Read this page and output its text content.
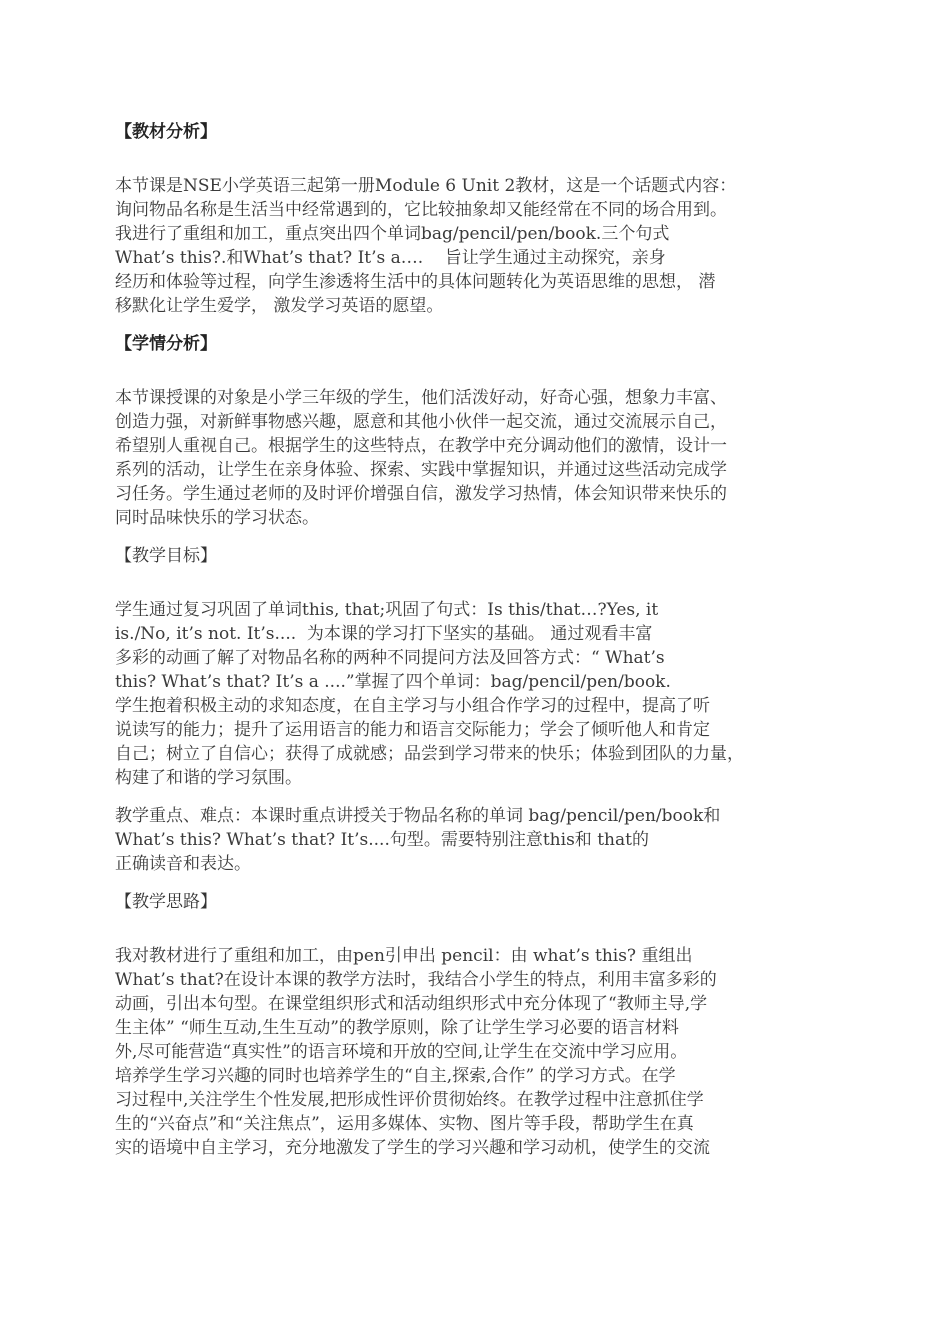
【教材分析】

本节课是NSE小学英语三起第一册Module 6 Unit 2教材，这是一个话题式内容：
询问物品名称是生活当中经常遇到的，它比较抽象却又能经常在不同的场合用到。
我进行了重组和加工，重点突出四个单词bag/pencil/pen/book.三个句式
What’s this?.和What’s that? It’s a….    旨让学生通过主动探究，亲身
经历和体验等过程，向学生渗透将生活中的具体问题转化为英语思维的思想， 潜
移默化让学生爱学， 激发学习英语的愿望。

【学情分析】

本节课授课的对象是小学三年级的学生，他们活泼好动，好奇心强，想象力丰富、
创造力强，对新鲜事物感兴趣，愿意和其他小伙伴一起交流，通过交流展示自己，
希望别人重视自己。根据学生的这些特点，在教学中充分调动他们的激情，设计一
系列的活动，让学生在亲身体验、探索、实践中掌握知识，并通过这些活动完成学
习任务。学生通过老师的及时评价增强自信，激发学习热情，体会知识带来快乐的
同时品味快乐的学习状态。

【教学目标】

学生通过复习巩固了单词this, that;巩固了句式：Is this/that…?Yes, it
is./No, it’s not. It’s....  为本课的学习打下坚实的基础。 通过观看丰富
多彩的动画了解了对物品名称的两种不同提问方法及回答方式：“ What’s
this? What’s that? It’s a ....”掌握了四个单词：bag/pencil/pen/book.
学生抱着积极主动的求知态度，在自主学习与小组合作学习的过程中，提高了听
说读写的能力；提升了运用语言的能力和语言交际能力；学会了倾听他人和肯定
自己；树立了自信心；获得了成就感；品尝到学习带来的快乐；体验到团队的力量，
构建了和谐的学习氛围。
教学重点、难点：本课时重点讲授关于物品名称的单词 bag/pencil/pen/book和
What’s this? What’s that? It’s....句型。需要特别注意this和 that的
正确读音和表达。

【教学思路】

我对教材进行了重组和加工，由pen引申出 pencil：由 what’s this? 重组出
What’s that?在设计本课的教学方法时，我结合小学生的特点，利用丰富多彩的
动画，引出本句型。在课堂组织形式和活动组织形式中充分体现了“教师主导,学
生主体” “师生互动,生生互动”的教学原则，除了让学生学习必要的语言材料
外,尽可能营造“真实性”的语言环境和开放的空间,让学生在交流中学习应用。
培养学生学习兴趣的同时也培养学生的“自主,探索,合作” 的学习方式。在学
习过程中,关注学生个性发展,把形成性评价贯彻始终。在教学过程中注意抓住学
生的“兴奋点”和“关注焦点”，运用多媒体、实物、图片等手段，帮助学生在真
实的语境中自主学习，充分地激发了学生的学习兴趣和学习动机，使学生的交流
